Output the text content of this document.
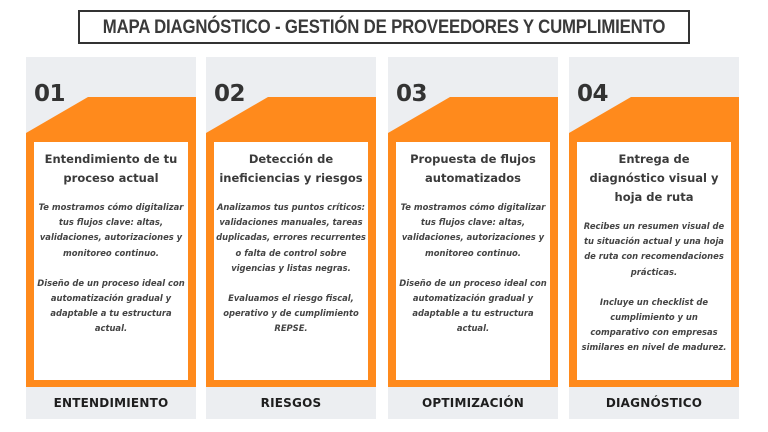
MAPA DIAGNÓSTICO - GESTIÓN DE PROVEEDORES Y CUMPLIMIENTO
01
Entendimiento de tu proceso actual
Te mostramos cómo digitalizar tus flujos clave: altas, validaciones, autorizaciones y monitoreo continuo.
Diseño de un proceso ideal con automatización gradual y adaptable a tu estructura actual.
ENTENDIMIENTO
02
Detección de ineficiencias y riesgos
Analizamos tus puntos críticos: validaciones manuales, tareas duplicadas, errores recurrentes o falta de control sobre vigencias y listas negras.
Evaluamos el riesgo fiscal, operativo y de cumplimiento REPSE.
RIESGOS
03
Propuesta de flujos automatizados
Te mostramos cómo digitalizar tus flujos clave: altas, validaciones, autorizaciones y monitoreo continuo.
Diseño de un proceso ideal con automatización gradual y adaptable a tu estructura actual.
OPTIMIZACIÓN
04
Entrega de diagnóstico visual y hoja de ruta
Recibes un resumen visual de tu situación actual y una hoja de ruta con recomendaciones prácticas.
Incluye un checklist de cumplimiento y un comparativo con empresas similares en nivel de madurez.
DIAGNÓSTICO
